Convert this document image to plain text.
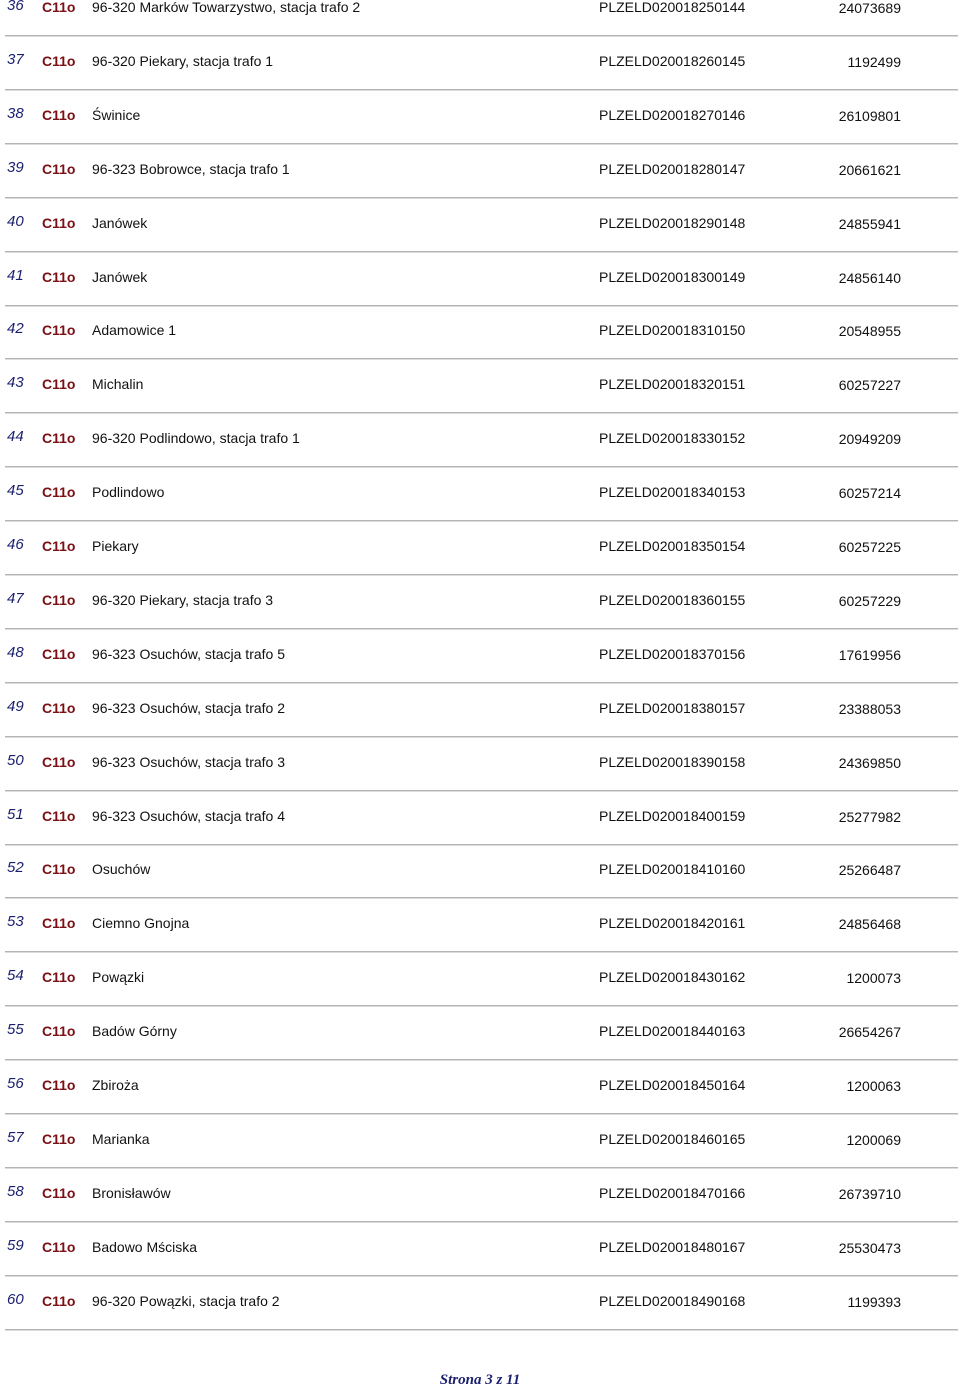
36 C11o 96-320 Marków Towarzystwo, stacja trafo 2	PLZELD020018250144	24073689
37 C11o 96-320 Piekary, stacja trafo 1	PLZELD020018260145	1192499
38 C11o Świnice	PLZELD020018270146	26109801
39 C11o 96-323 Bobrowce, stacja trafo 1	PLZELD020018280147	20661621
40 C11o Janówek	PLZELD020018290148	24855941
41 C11o Janówek	PLZELD020018300149	24856140
42 C11o Adamowice 1	PLZELD020018310150	20548955
43 C11o Michalin	PLZELD020018320151	60257227
44 C11o 96-320 Podlindowo, stacja trafo 1	PLZELD020018330152	20949209
45 C11o Podlindowo	PLZELD020018340153	60257214
46 C11o Piekary	PLZELD020018350154	60257225
47 C11o 96-320 Piekary, stacja trafo 3	PLZELD020018360155	60257229
48 C11o 96-323 Osuchów, stacja trafo 5	PLZELD020018370156	17619956
49 C11o 96-323 Osuchów, stacja trafo 2	PLZELD020018380157	23388053
50 C11o 96-323 Osuchów, stacja trafo 3	PLZELD020018390158	24369850
51 C11o 96-323 Osuchów, stacja trafo 4	PLZELD020018400159	25277982
52 C11o Osuchów	PLZELD020018410160	25266487
53 C11o Ciemno Gnojna	PLZELD020018420161	24856468
54 C11o Powązki	PLZELD020018430162	1200073
55 C11o Badów Górny	PLZELD020018440163	26654267
56 C11o Zbiroża	PLZELD020018450164	1200063
57 C11o Marianka	PLZELD020018460165	1200069
58 C11o Bronisławów	PLZELD020018470166	26739710
59 C11o Badowo Mściska	PLZELD020018480167	25530473
60 C11o 96-320 Powązki, stacja trafo 2	PLZELD020018490168	1199393
Strona 3 z 11
